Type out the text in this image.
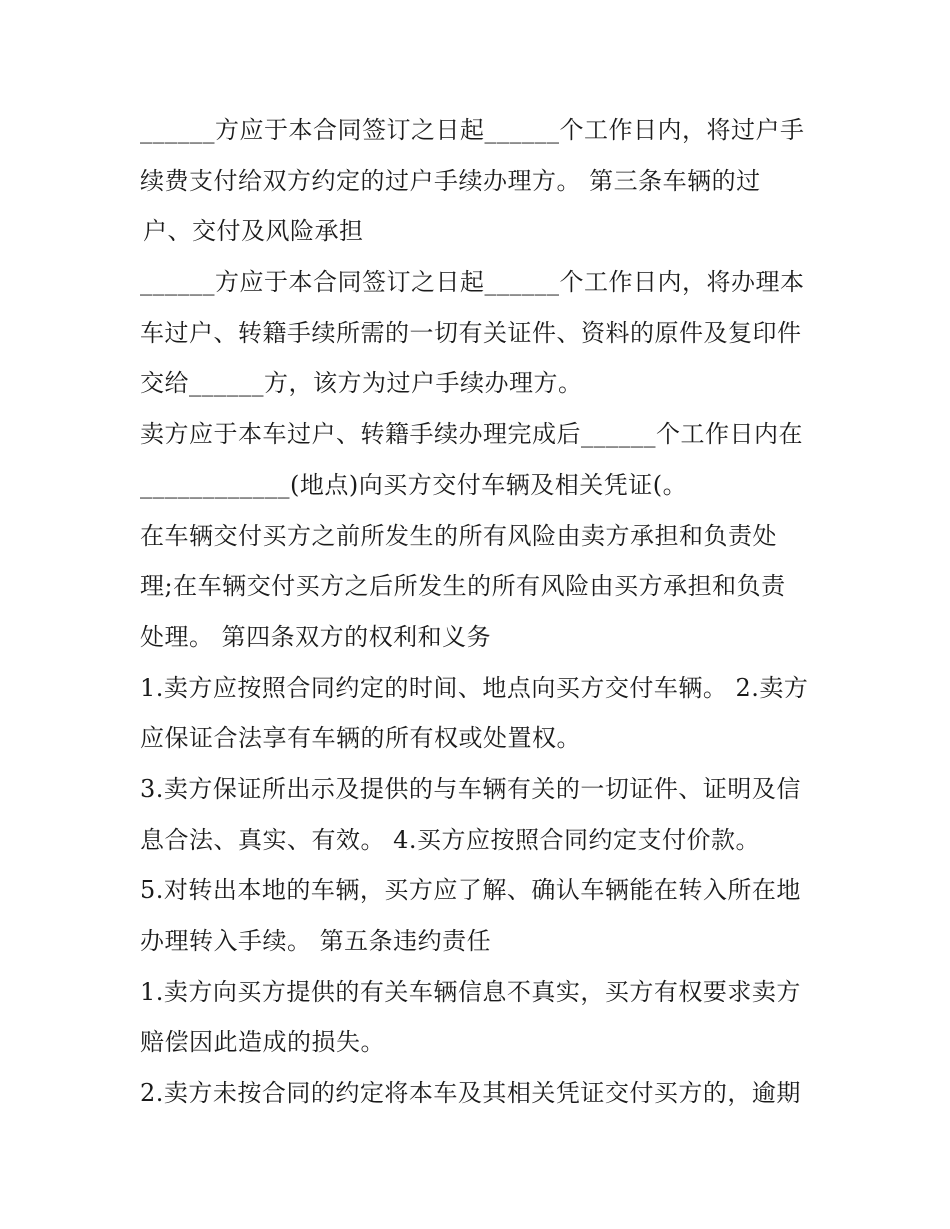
______方应于本合同签订之日起______个工作日内，将过户手
续费支付给双方约定的过户手续办理方。 第三条车辆的过
户、交付及风险承担
______方应于本合同签订之日起______个工作日内，将办理本
车过户、转籍手续所需的一切有关证件、资料的原件及复印件
交给______方，该方为过户手续办理方。
卖方应于本车过户、转籍手续办理完成后______个工作日内在
____________(地点)向买方交付车辆及相关凭证(。
在车辆交付买方之前所发生的所有风险由卖方承担和负责处
理;在车辆交付买方之后所发生的所有风险由买方承担和负责
处理。 第四条双方的权利和义务
1.卖方应按照合同约定的时间、地点向买方交付车辆。 2.卖方
应保证合法享有车辆的所有权或处置权。
3.卖方保证所出示及提供的与车辆有关的一切证件、证明及信
息合法、真实、有效。 4.买方应按照合同约定支付价款。
5.对转出本地的车辆，买方应了解、确认车辆能在转入所在地
办理转入手续。 第五条违约责任
1.卖方向买方提供的有关车辆信息不真实，买方有权要求卖方
赔偿因此造成的损失。
2.卖方未按合同的约定将本车及其相关凭证交付买方的，逾期
